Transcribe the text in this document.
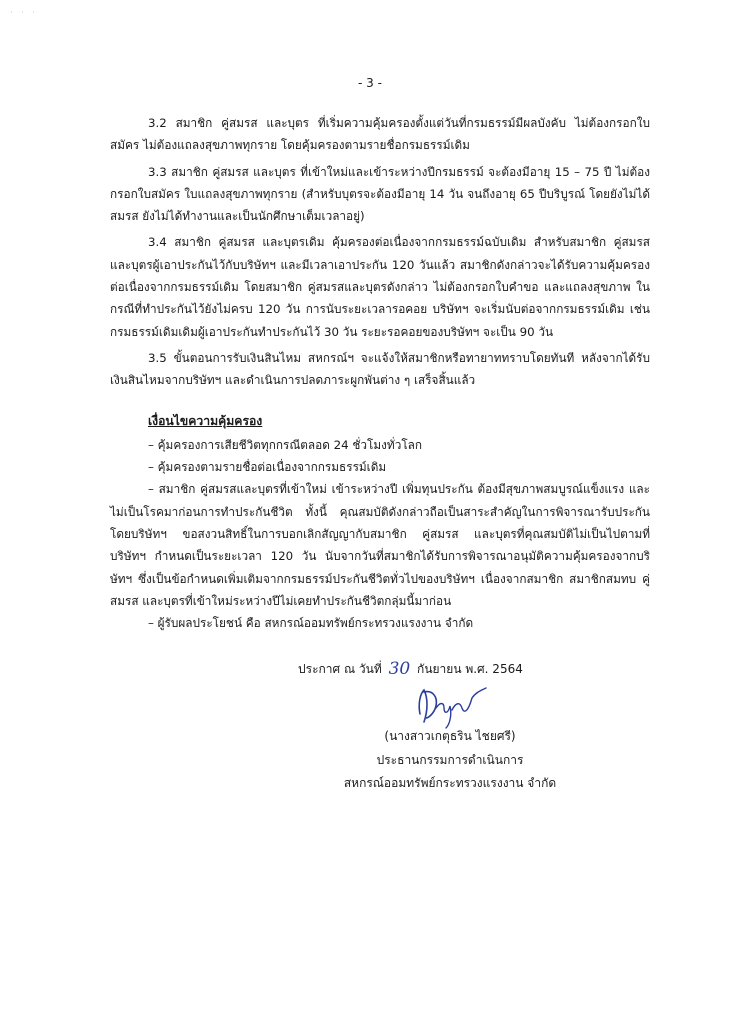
· · ·
- 3 -

3.2 สมาชิก คู่สมรส และบุตร ที่เริ่มความคุ้มครองตั้งแต่วันที่กรมธรรม์มีผลบังคับ ไม่ต้องกรอกใบสมัคร ไม่ต้องแถลงสุขภาพทุกราย โดยคุ้มครองตามรายชื่อกรมธรรม์เดิม

3.3 สมาชิก คู่สมรส และบุตร ที่เข้าใหม่และเข้าระหว่างปีกรมธรรม์ จะต้องมีอายุ 15 – 75 ปี ไม่ต้องกรอกใบสมัคร ใบแถลงสุขภาพทุกราย (สำหรับบุตรจะต้องมีอายุ 14 วัน จนถึงอายุ 65 ปีบริบูรณ์ โดยยังไม่ได้สมรส ยังไม่ได้ทำงานและเป็นนักศึกษาเต็มเวลาอยู่)

3.4 สมาชิก คู่สมรส และบุตรเดิม คุ้มครองต่อเนื่องจากกรมธรรม์ฉบับเดิม สำหรับสมาชิก คู่สมรส และบุตรผู้เอาประกันไว้กับบริษัทฯ และมีเวลาเอาประกัน 120 วันแล้ว สมาชิกดังกล่าวจะได้รับความคุ้มครองต่อเนื่องจากกรมธรรม์เดิม โดยสมาชิก คู่สมรสและบุตรดังกล่าว ไม่ต้องกรอกใบคำขอ และแถลงสุขภาพ ในกรณีที่ทำประกันไว้ยังไม่ครบ 120 วัน การนับระยะเวลารอคอย บริษัทฯ จะเริ่มนับต่อจากกรมธรรม์เดิม เช่น กรมธรรม์เดิมเดิมผู้เอาประกันทำประกันไว้ 30 วัน ระยะรอคอยของบริษัทฯ จะเป็น 90 วัน

3.5 ขั้นตอนการรับเงินสินไหม สหกรณ์ฯ จะแจ้งให้สมาชิกหรือทายาททราบโดยทันที หลังจากได้รับเงินสินไหมจากบริษัทฯ และดำเนินการปลดภาระผูกพันต่าง ๆ เสร็จสิ้นแล้ว

เงื่อนไขความคุ้มครอง

– คุ้มครองการเสียชีวิตทุกกรณีตลอด 24 ชั่วโมงทั่วโลก

– คุ้มครองตามรายชื่อต่อเนื่องจากกรมธรรม์เดิม

– สมาชิก คู่สมรสและบุตรที่เข้าใหม่ เข้าระหว่างปี เพิ่มทุนประกัน ต้องมีสุขภาพสมบูรณ์แข็งแรง และไม่เป็นโรคมาก่อนการทำประกันชีวิต ทั้งนี้ คุณสมบัติดังกล่าวถือเป็นสาระสำคัญในการพิจารณารับประกัน โดยบริษัทฯ ขอสงวนสิทธิ์ในการบอกเลิกสัญญากับสมาชิก คู่สมรส และบุตรที่คุณสมบัติไม่เป็นไปตามที่บริษัทฯ กำหนดเป็นระยะเวลา 120 วัน นับจากวันที่สมาชิกได้รับการพิจารณาอนุมัติความคุ้มครองจากบริษัทฯ ซึ่งเป็นข้อกำหนดเพิ่มเติมจากกรมธรรม์ประกันชีวิตทั่วไปของบริษัทฯ เนื่องจากสมาชิก สมาชิกสมทบ คู่สมรส และบุตรที่เข้าใหม่ระหว่างปีไม่เคยทำประกันชีวิตกลุ่มนี้มาก่อน

– ผู้รับผลประโยชน์ คือ สหกรณ์ออมทรัพย์กระทรวงแรงงาน จำกัด

ประกาศ ณ วันที่ 30 กันยายน พ.ศ. 2564
(นางสาวเกตุธริน ไชยศรี)
ประธานกรรมการดำเนินการ
สหกรณ์ออมทรัพย์กระทรวงแรงงาน จำกัด
